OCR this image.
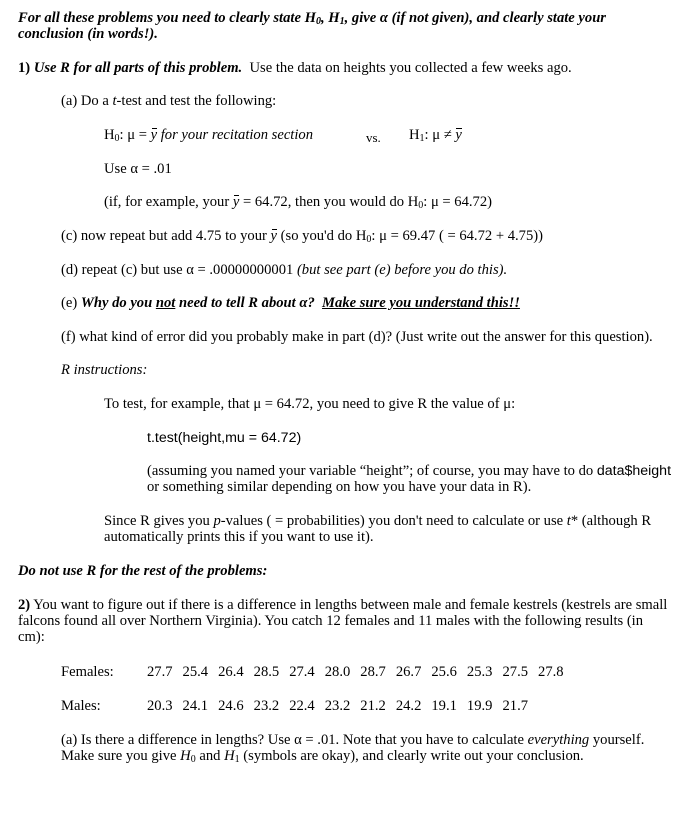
For all these problems you need to clearly state H0, H1, give α (if not given), and clearly state your
conclusion (in words!).
1) Use R for all parts of this problem. Use the data on heights you collected a few weeks ago.
(a) Do a t-test and test the following:
H0: μ = y for your recitation section	vs. H1: μ ≠ y
Use α = .01
(if, for example, your y = 64.72, then you would do H0: μ = 64.72)
(c) now repeat but add 4.75 to your y (so you'd do H0: μ = 69.47 ( = 64.72 + 4.75))
(d) repeat (c) but use α = .00000000001 (but see part (e) before you do this).
(e) Why do you not need to tell R about α? Make sure you understand this!!
(f) what kind of error did you probably make in part (d)? (Just write out the answer for this question).
R instructions:
To test, for example, that μ = 64.72, you need to give R the value of μ:
t.test(height,mu = 64.72)
(assuming you named your variable “height”; of course, you may have to do data$height
or something similar depending on how you have your data in R).
Since R gives you p-values ( = probabilities) you don't need to calculate or use t* (although R
automatically prints this if you want to use it).
Do not use R for the rest of the problems:
2) You want to figure out if there is a difference in lengths between male and female kestrels (kestrels are small
falcons found all over Northern Virginia). You catch 12 females and 11 males with the following results (in
cm):
Females: 27.7 25.4 26.4 28.5 27.4 28.0 28.7 26.7 25.6 25.3 27.5 27.8
Males:	20.3 24.1 24.6 23.2 22.4 23.2 21.2 24.2 19.1 19.9 21.7
(a) Is there a difference in lengths? Use α = .01. Note that you have to calculate everything yourself.
Make sure you give H0 and H1 (symbols are okay), and clearly write out your conclusion.
